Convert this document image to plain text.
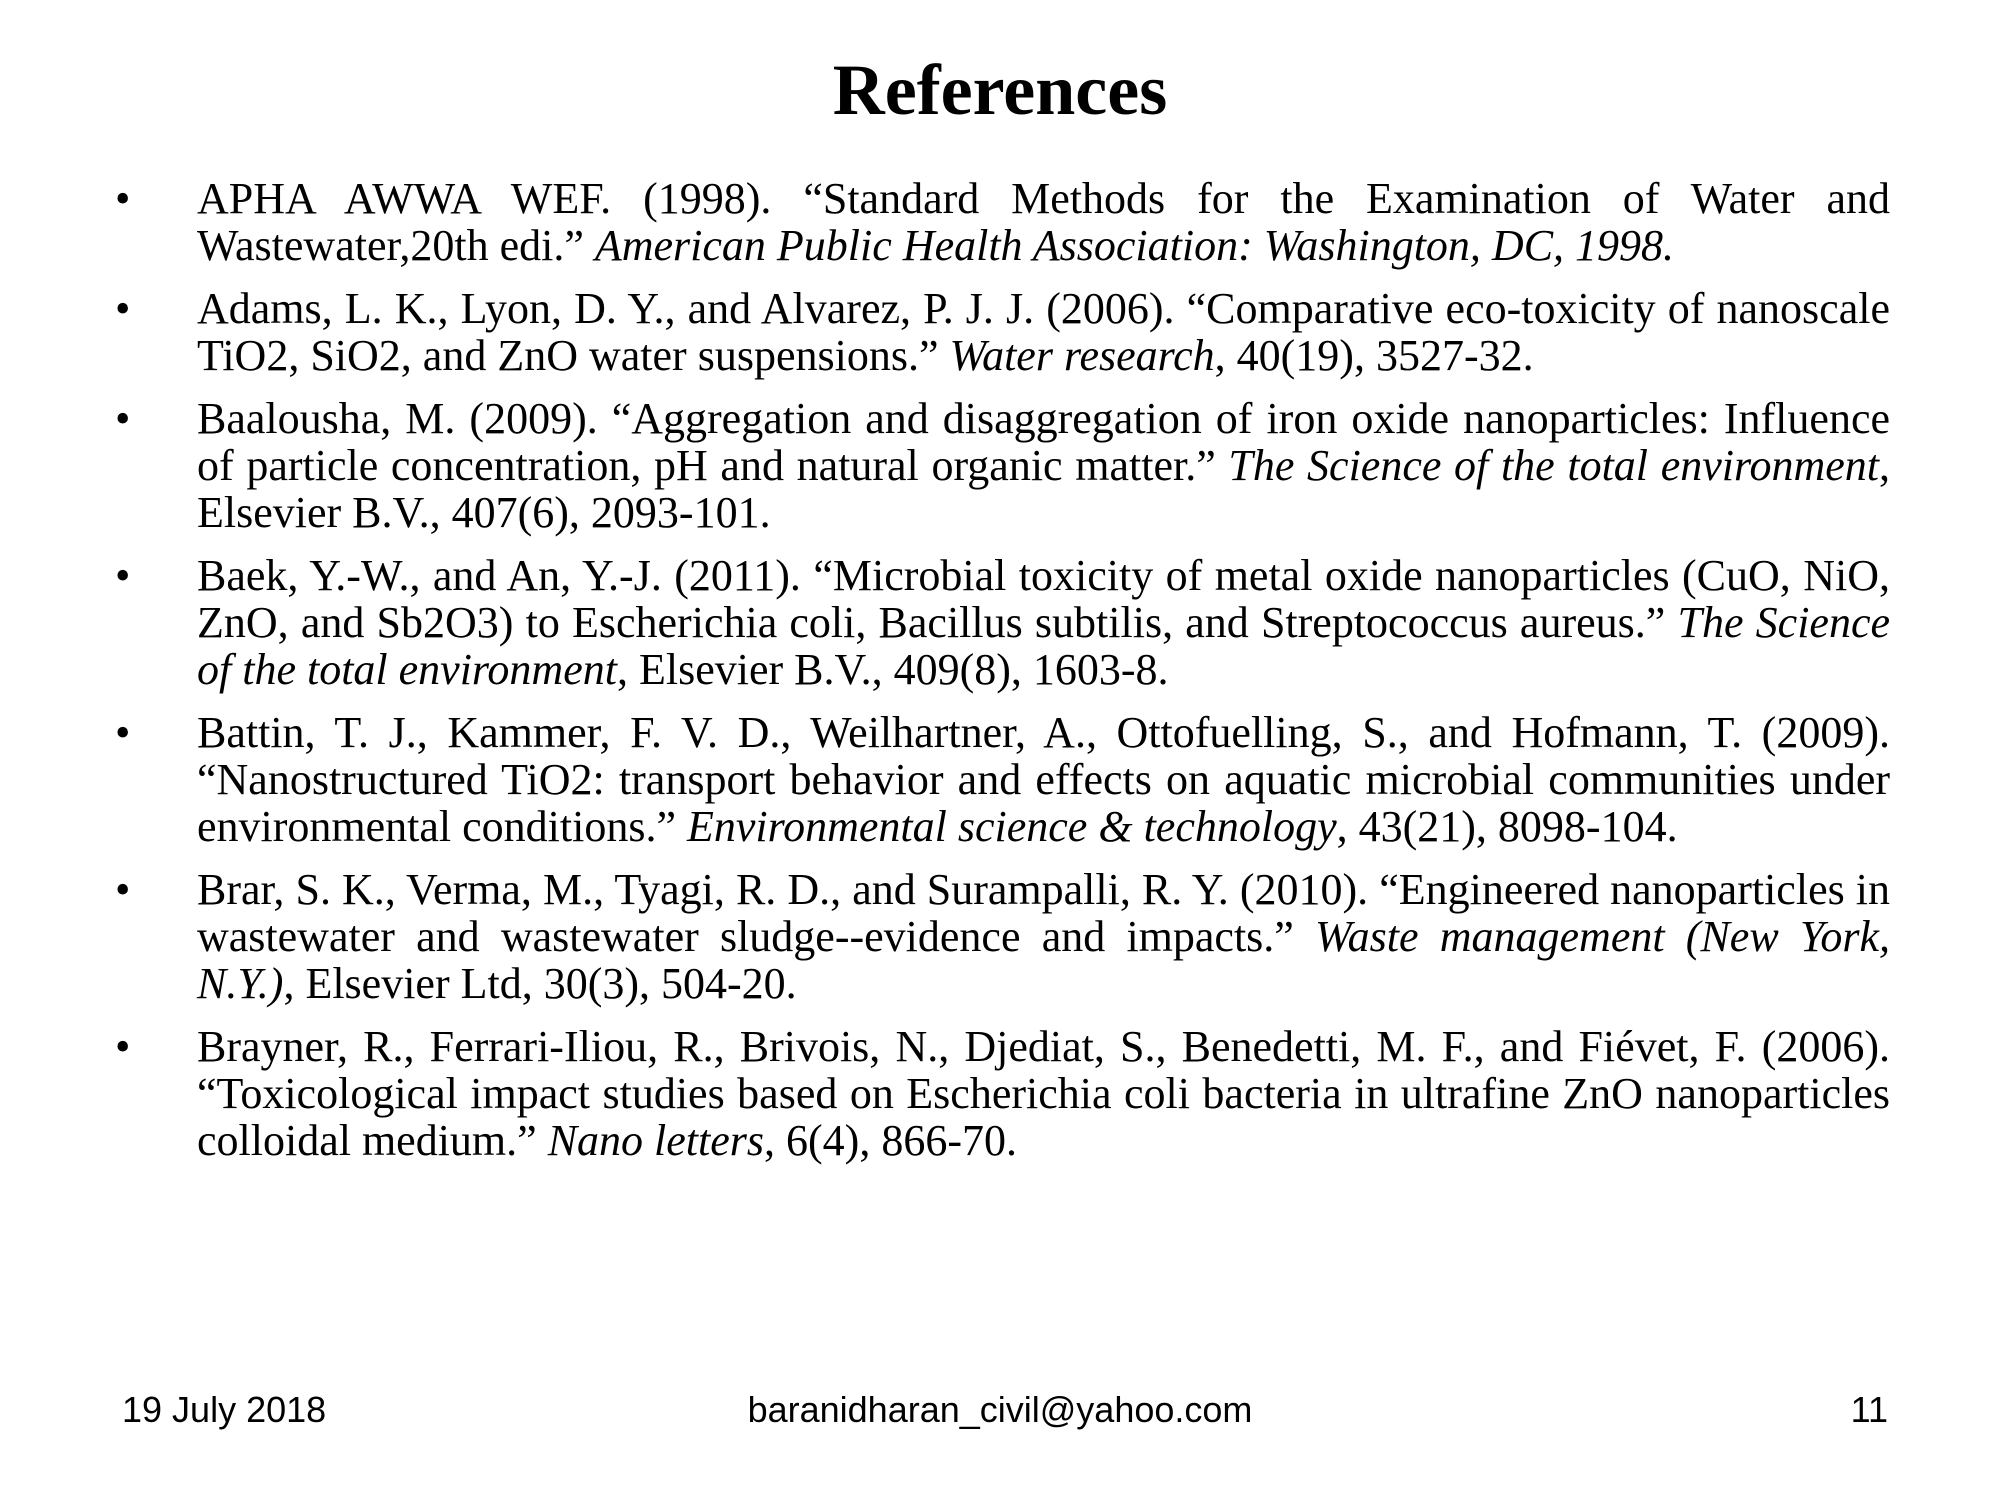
References
• APHA AWWA WEF. (1998). “Standard Methods for the Examination of Water and Wastewater,20th edi.” American Public Health Association: Washington, DC, 1998.
• Adams, L. K., Lyon, D. Y., and Alvarez, P. J. J. (2006). “Comparative eco-toxicity of nanoscale TiO2, SiO2, and ZnO water suspensions.” Water research, 40(19), 3527-32.
• Baalousha, M. (2009). “Aggregation and disaggregation of iron oxide nanoparticles: Influence of particle concentration, pH and natural organic matter.” The Science of the total environment, Elsevier B.V., 407(6), 2093-101.
• Baek, Y.-W., and An, Y.-J. (2011). “Microbial toxicity of metal oxide nanoparticles (CuO, NiO, ZnO, and Sb2O3) to Escherichia coli, Bacillus subtilis, and Streptococcus aureus.” The Science of the total environment, Elsevier B.V., 409(8), 1603-8.
• Battin, T. J., Kammer, F. V. D., Weilhartner, A., Ottofuelling, S., and Hofmann, T. (2009). “Nanostructured TiO2: transport behavior and effects on aquatic microbial communities under environmental conditions.” Environmental science & technology, 43(21), 8098-104.
• Brar, S. K., Verma, M., Tyagi, R. D., and Surampalli, R. Y. (2010). “Engineered nanoparticles in wastewater and wastewater sludge--evidence and impacts.” Waste management (New York, N.Y.), Elsevier Ltd, 30(3), 504-20.
• Brayner, R., Ferrari-Iliou, R., Brivois, N., Djediat, S., Benedetti, M. F., and Fiévet, F. (2006). “Toxicological impact studies based on Escherichia coli bacteria in ultrafine ZnO nanoparticles colloidal medium.” Nano letters, 6(4), 866-70.
19 July 2018	baranidharan_civil@yahoo.com	11
